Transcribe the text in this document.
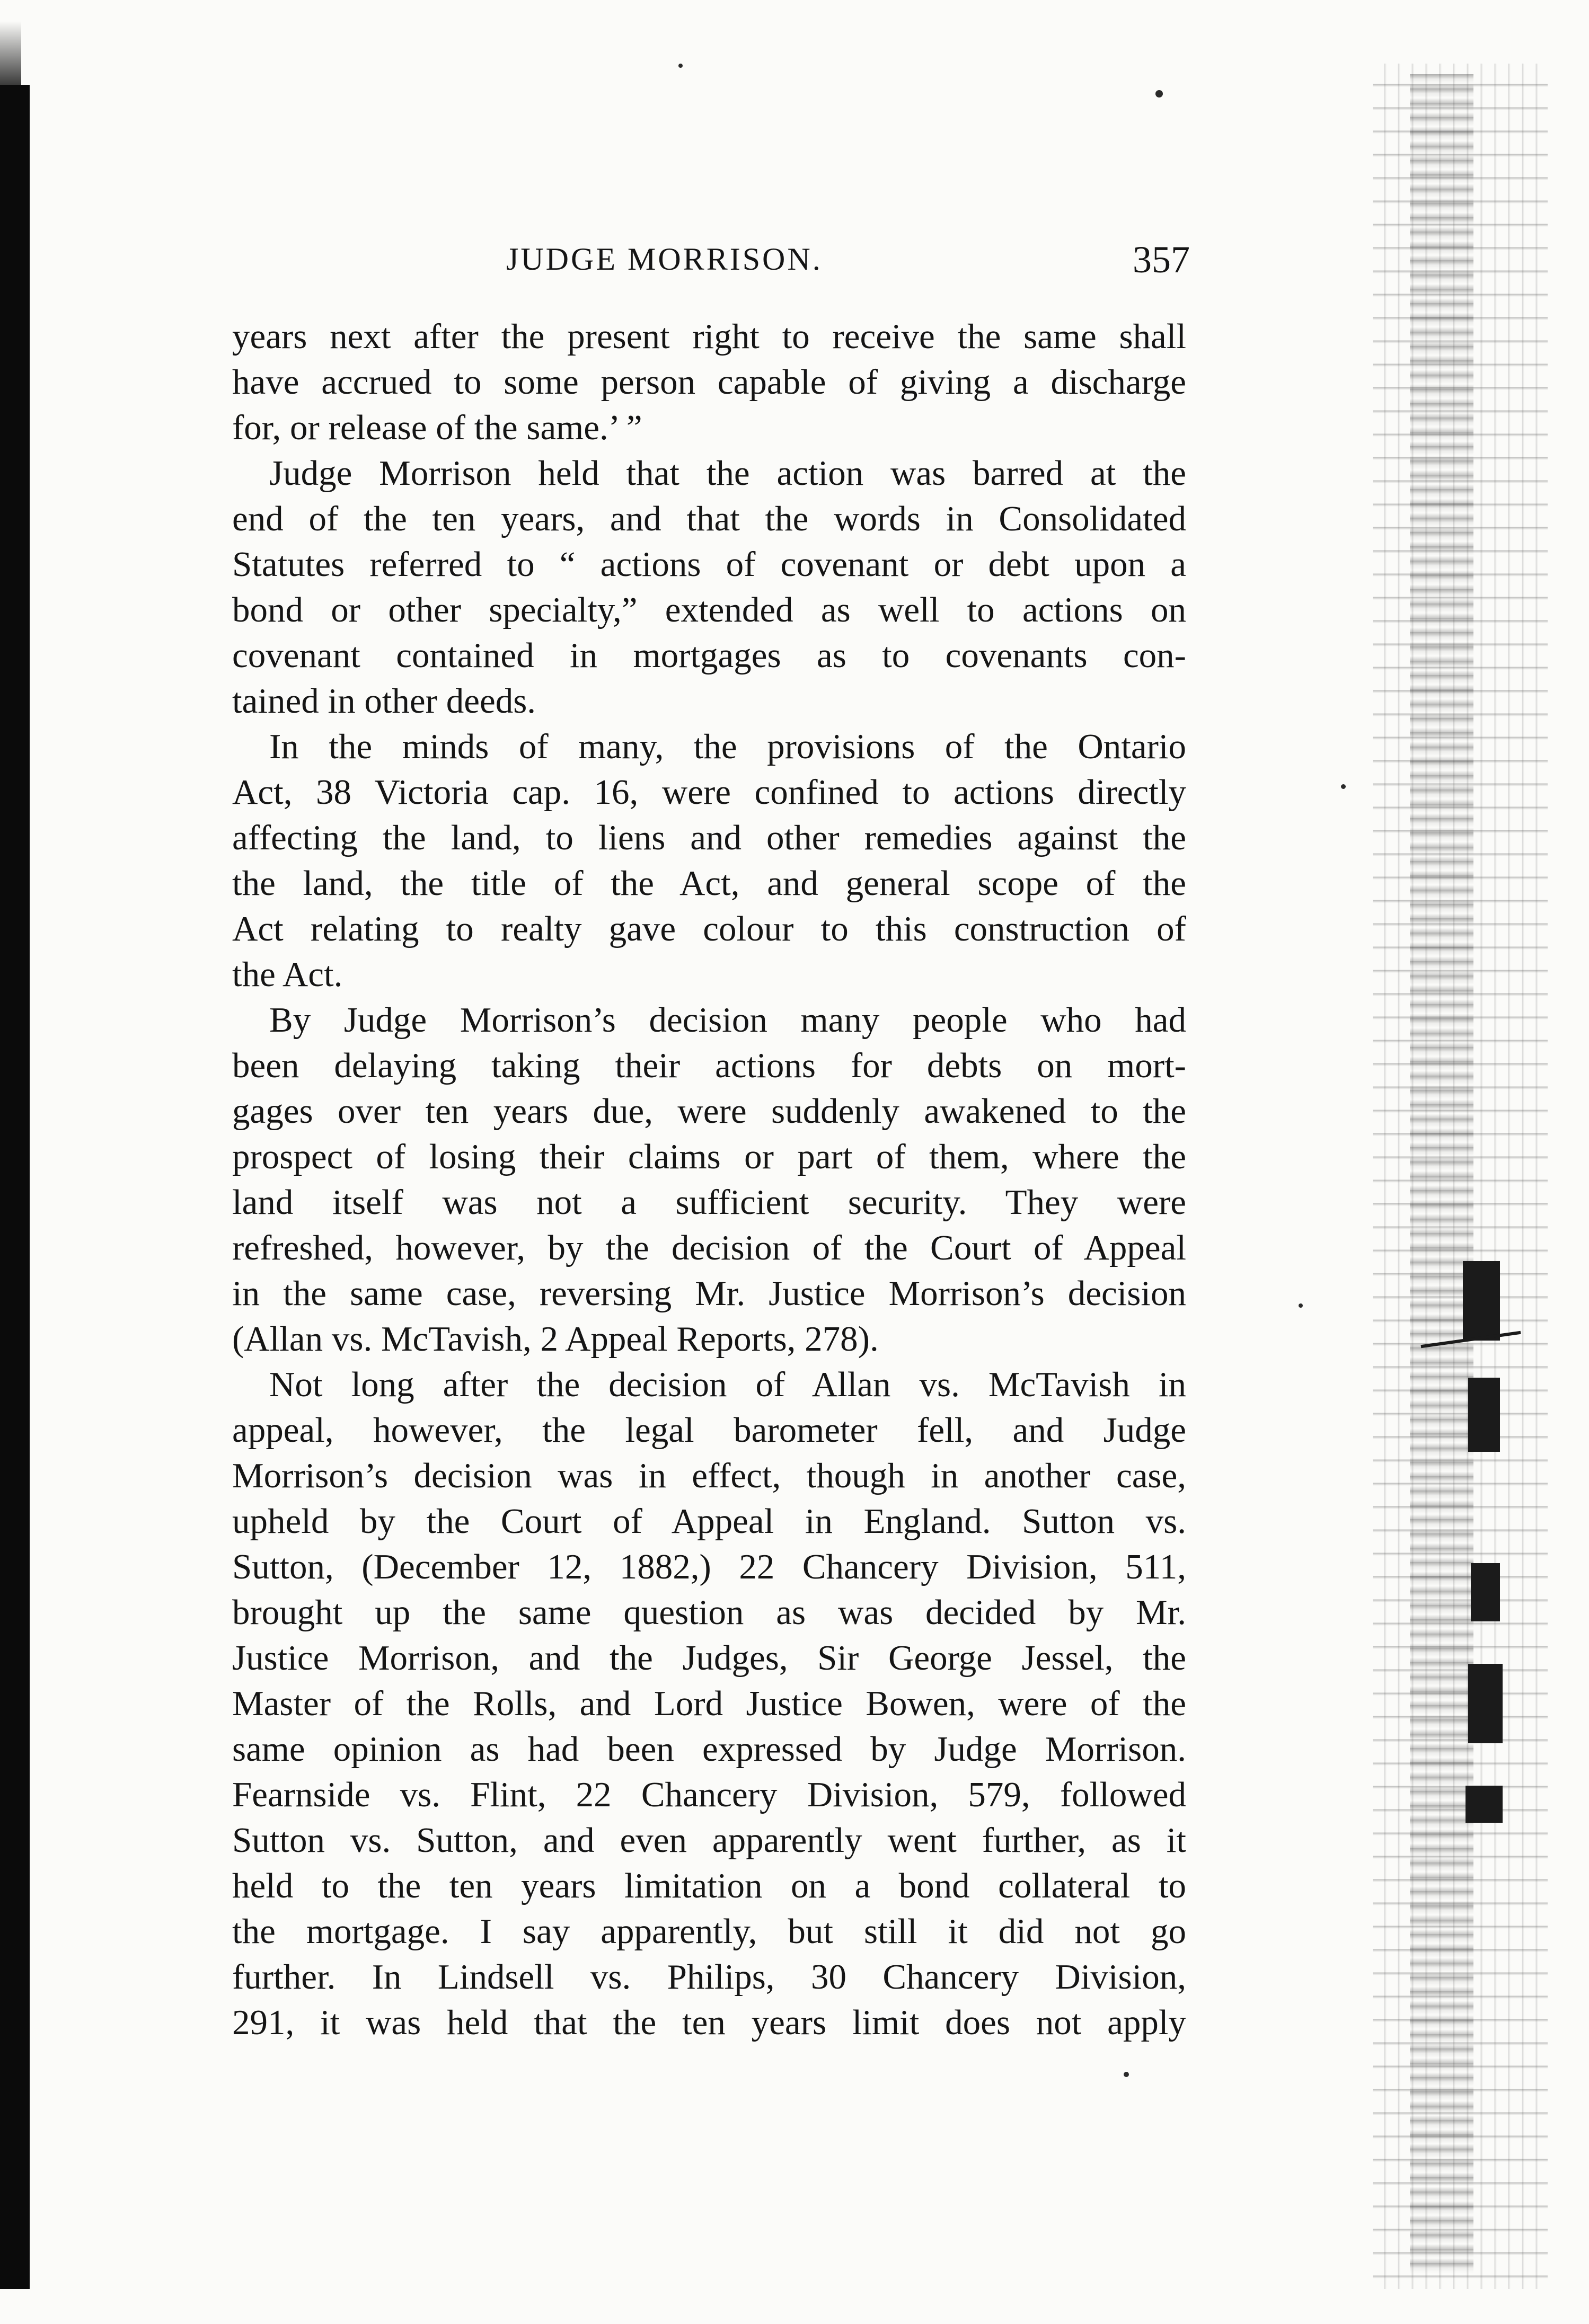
JUDGE MORRISON.	357
years next after the present right to receive the same shall
have accrued to some person capable of giving a discharge
for, or release of the same.’ ”
Judge Morrison held that the action was barred at the
end of the ten years, and that the words in Consolidated
Statutes referred to “ actions of covenant or debt upon a
bond or other specialty,” extended as well to actions on
covenant contained in mortgages as to covenants con-
tained in other deeds.
In the minds of many, the provisions of the Ontario
Act, 38 Victoria cap. 16, were confined to actions directly
affecting the land, to liens and other remedies against the
the land, the title of the Act, and general scope of the
Act relating to realty gave colour to this construction of
the Act.
By Judge Morrison’s decision many people who had
been delaying taking their actions for debts on mort-
gages over ten years due, were suddenly awakened to the
prospect of losing their claims or part of them, where the
land itself was not a sufficient security. They were
refreshed, however, by the decision of the Court of Appeal
in the same case, reversing Mr. Justice Morrison’s decision
(Allan vs. McTavish, 2 Appeal Reports, 278).
Not long after the decision of Allan vs. McTavish in
appeal, however, the legal barometer fell, and Judge
Morrison’s decision was in effect, though in another case,
upheld by the Court of Appeal in England. Sutton vs.
Sutton, (December 12, 1882,) 22 Chancery Division, 511,
brought up the same question as was decided by Mr.
Justice Morrison, and the Judges, Sir George Jessel, the
Master of the Rolls, and Lord Justice Bowen, were of the
same opinion as had been expressed by Judge Morrison.
Fearnside vs. Flint, 22 Chancery Division, 579, followed
Sutton vs. Sutton, and even apparently went further, as it
held to the ten years limitation on a bond collateral to
the mortgage. I say apparently, but still it did not go
further. In Lindsell vs. Philips, 30 Chancery Division,
291, it was held that the ten years limit does not apply
